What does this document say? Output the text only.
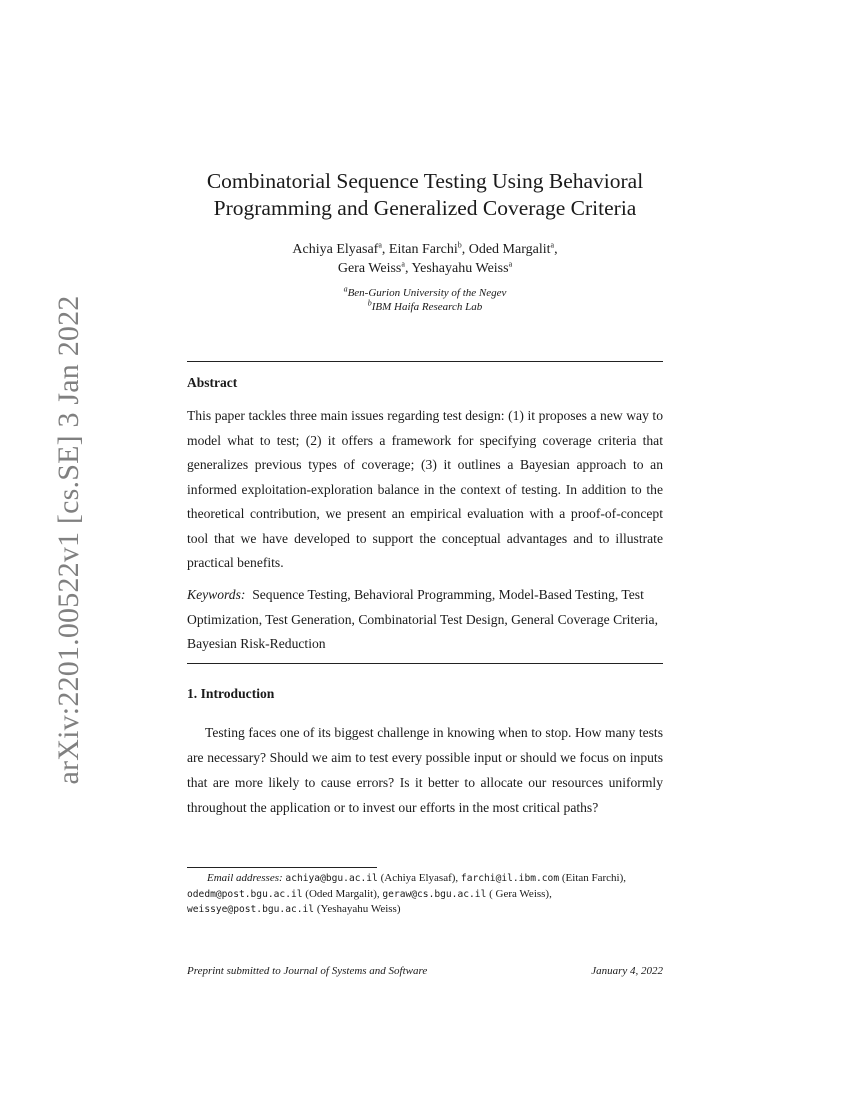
arXiv:2201.00522v1 [cs.SE] 3 Jan 2022
Combinatorial Sequence Testing Using Behavioral
Programming and Generalized Coverage Criteria
Achiya Elyasaf$^a$, Eitan Farchi$^b$, Oded Margalit$^a$,
Gera Weiss$^a$, Yeshayahu Weiss$^a$
$^a$Ben-Gurion University of the Negev
$^b$IBM Haifa Research Lab
Abstract
This paper tackles three main issues regarding test design: (1) it proposes a new way to model what to test; (2) it offers a framework for specifying coverage criteria that generalizes previous types of coverage; (3) it outlines a Bayesian approach to an informed exploitation-exploration balance in the context of testing. In addition to the theoretical contribution, we present an empirical evaluation with a proof-of-concept tool that we have developed to support the conceptual advantages and to illustrate practical benefits.
Keywords: Sequence Testing, Behavioral Programming, Model-Based Testing, Test Optimization, Test Generation, Combinatorial Test Design, General Coverage Criteria, Bayesian Risk-Reduction
1. Introduction
Testing faces one of its biggest challenge in knowing when to stop. How many tests are necessary? Should we aim to test every possible input or should we focus on inputs that are more likely to cause errors? Is it better to allocate our resources uniformly throughout the application or to invest our efforts in the most critical paths?
Email addresses: achiya@bgu.ac.il (Achiya Elyasaf), farchi@il.ibm.com (Eitan Farchi), odedm@post.bgu.ac.il (Oded Margalit), geraw@cs.bgu.ac.il ( Gera Weiss), weissye@post.bgu.ac.il (Yeshayahu Weiss)
Preprint submitted to Journal of Systems and Software	January 4, 2022
